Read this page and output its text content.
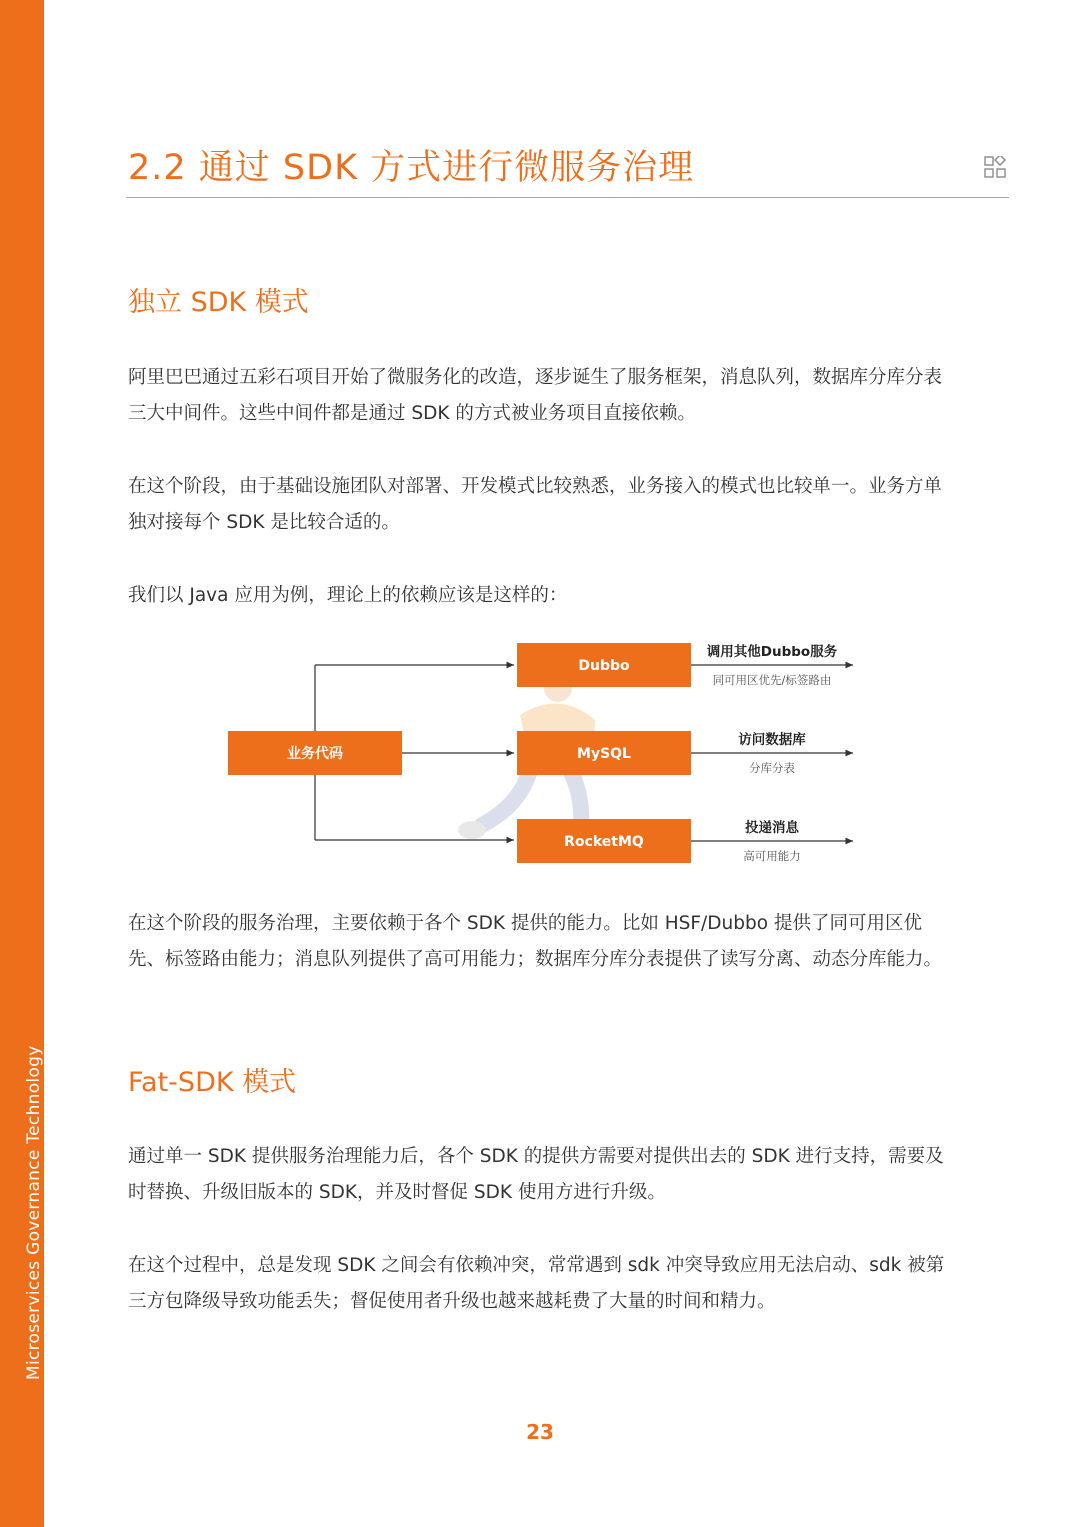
Microservices Governance Technology
2.2 通过 SDK 方式进行微服务治理
独立 SDK 模式

阿里巴巴通过五彩石项目开始了微服务化的改造，逐步诞生了服务框架，消息队列，数据库分库分表三大中间件。这些中间件都是通过 SDK 的方式被业务项目直接依赖。

在这个阶段，由于基础设施团队对部署、开发模式比较熟悉，业务接入的模式也比较单一。业务方单独对接每个 SDK 是比较合适的。

我们以 Java 应用为例，理论上的依赖应该是这样的：

业务代码
Dubbo
MySQL
RocketMQ
调用其他Dubbo服务
同可用区优先/标签路由
访问数据库
分库分表
投递消息
高可用能力

在这个阶段的服务治理，主要依赖于各个 SDK 提供的能力。比如 HSF/Dubbo 提供了同可用区优先、标签路由能力；消息队列提供了高可用能力；数据库分库分表提供了读写分离、动态分库能力。

Fat-SDK 模式

通过单一 SDK 提供服务治理能力后，各个 SDK 的提供方需要对提供出去的 SDK 进行支持，需要及时替换、升级旧版本的 SDK，并及时督促 SDK 使用方进行升级。

在这个过程中，总是发现 SDK 之间会有依赖冲突，常常遇到 sdk 冲突导致应用无法启动、sdk 被第三方包降级导致功能丢失；督促使用者升级也越来越耗费了大量的时间和精力。

23
